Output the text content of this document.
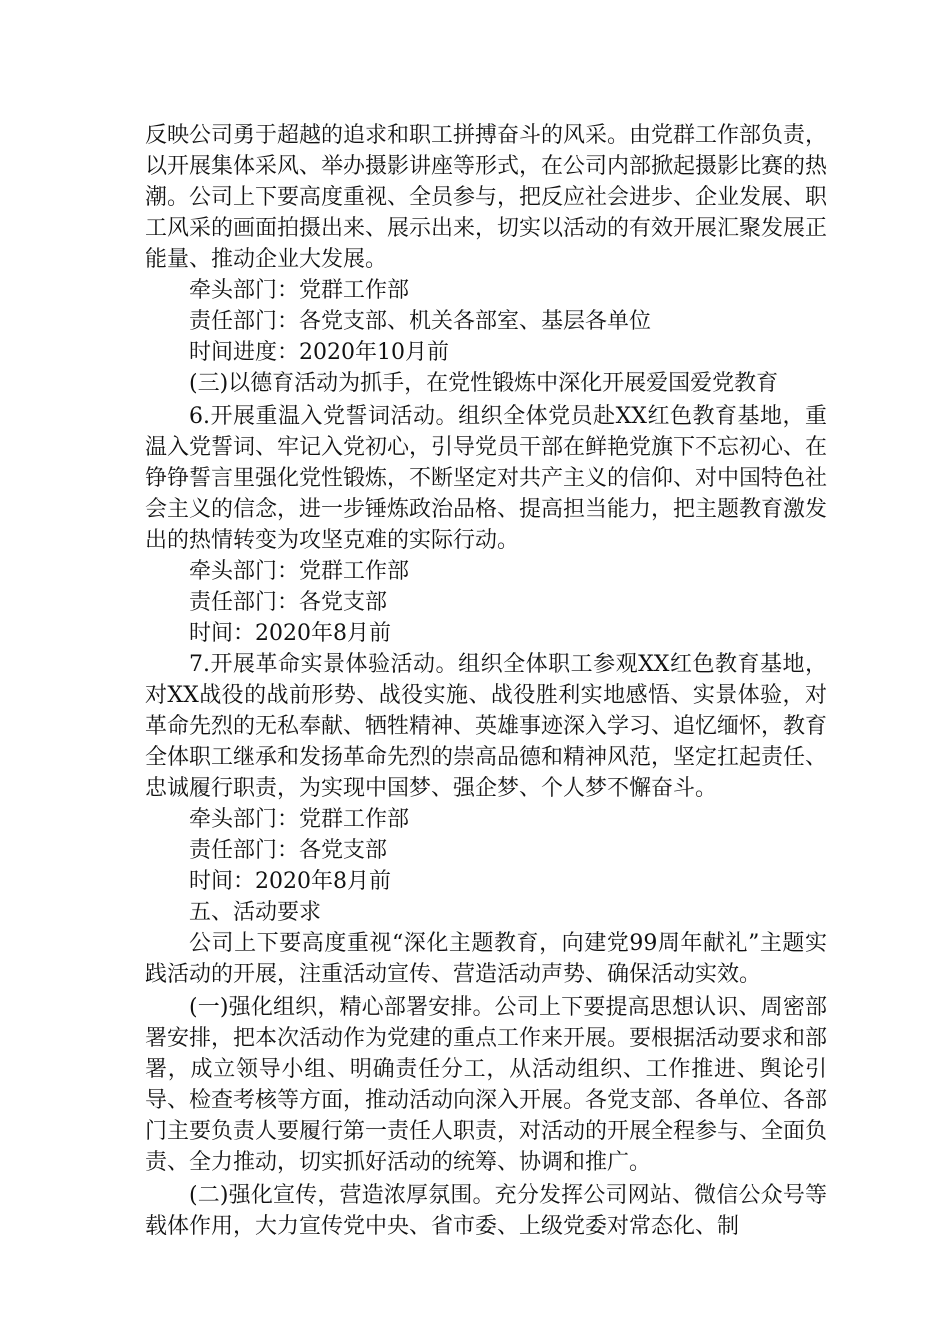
反映公司勇于超越的追求和职工拼搏奋斗的风采。由党群工作部负责，以开展集体采风、举办摄影讲座等形式，在公司内部掀起摄影比赛的热潮。公司上下要高度重视、全员参与，把反应社会进步、企业发展、职工风采的画面拍摄出来、展示出来，切实以活动的有效开展汇聚发展正能量、推动企业大发展。

牵头部门：党群工作部

责任部门：各党支部、机关各部室、基层各单位

时间进度：2020年10月前

(三)以德育活动为抓手，在党性锻炼中深化开展爱国爱党教育

6.开展重温入党誓词活动。组织全体党员赴XX红色教育基地，重温入党誓词、牢记入党初心，引导党员干部在鲜艳党旗下不忘初心、在铮铮誓言里强化党性锻炼，不断坚定对共产主义的信仰、对中国特色社会主义的信念，进一步锤炼政治品格、提高担当能力，把主题教育激发出的热情转变为攻坚克难的实际行动。

牵头部门：党群工作部

责任部门：各党支部

时间：2020年8月前

7.开展革命实景体验活动。组织全体职工参观XX红色教育基地，对XX战役的战前形势、战役实施、战役胜利实地感悟、实景体验，对革命先烈的无私奉献、牺牲精神、英雄事迹深入学习、追忆缅怀，教育全体职工继承和发扬革命先烈的崇高品德和精神风范，坚定扛起责任、忠诚履行职责，为实现中国梦、强企梦、个人梦不懈奋斗。

牵头部门：党群工作部

责任部门：各党支部

时间：2020年8月前

五、活动要求

公司上下要高度重视“深化主题教育，向建党99周年献礼”主题实践活动的开展，注重活动宣传、营造活动声势、确保活动实效。

(一)强化组织，精心部署安排。公司上下要提高思想认识、周密部署安排，把本次活动作为党建的重点工作来开展。要根据活动要求和部署，成立领导小组、明确责任分工，从活动组织、工作推进、舆论引导、检查考核等方面，推动活动向深入开展。各党支部、各单位、各部门主要负责人要履行第一责任人职责，对活动的开展全程参与、全面负责、全力推动，切实抓好活动的统筹、协调和推广。

(二)强化宣传，营造浓厚氛围。充分发挥公司网站、微信公众号等载体作用，大力宣传党中央、省市委、上级党委对常态化、制
